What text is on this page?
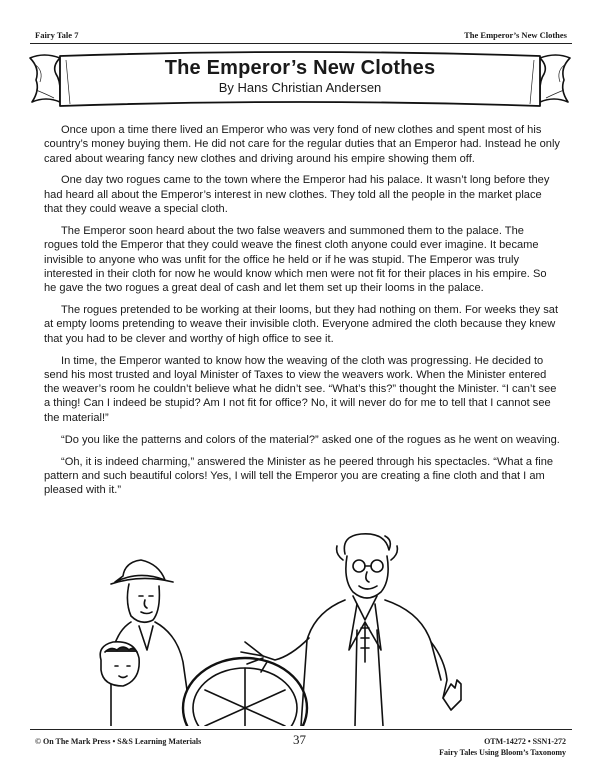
Fairy Tale 7	The Emperor’s New Clothes
The Emperor’s New Clothes
By Hans Christian Andersen

Once upon a time there lived an Emperor who was very fond of new clothes and spent most of his country’s money buying them. He did not care for the regular duties that an Emperor had. Instead he only cared about wearing fancy new clothes and driving around his empire showing them off.

One day two rogues came to the town where the Emperor had his palace. It wasn’t long before they had heard all about the Emperor’s interest in new clothes. They told all the people in the market place that they could weave a special cloth.

The Emperor soon heard about the two false weavers and summoned them to the palace. The rogues told the Emperor that they could weave the finest cloth anyone could ever imagine. It became invisible to anyone who was unfit for the office he held or if he was stupid. The Emperor was truly interested in their cloth for now he would know which men were not fit for their places in his empire. So he gave the two rogues a great deal of cash and let them set up their looms in the palace.

The rogues pretended to be working at their looms, but they had nothing on them. For weeks they sat at empty looms pretending to weave their invisible cloth. Everyone admired the cloth because they knew that you had to be clever and worthy of high office to see it.

In time, the Emperor wanted to know how the weaving of the cloth was progressing. He decided to send his most trusted and loyal Minister of Taxes to view the weavers work. When the Minister entered the weaver’s room he couldn’t believe what he didn’t see. “What’s this?” thought the Minister. “I can’t see a thing! Can I indeed be stupid? Am I not fit for office? No, it will never do for me to tell that I cannot see the material!”

“Do you like the patterns and colors of the material?” asked one of the rogues as he went on weaving.

“Oh, it is indeed charming,” answered the Minister as he peered through his spectacles. “What a fine pattern and such beautiful colors! Yes, I will tell the Emperor you are creating a fine cloth and that I am pleased with it.”

© On The Mark Press • S&S Learning Materials	37	OTM-14272 • SSN1-272
Fairy Tales Using Bloom’s Taxonomy
